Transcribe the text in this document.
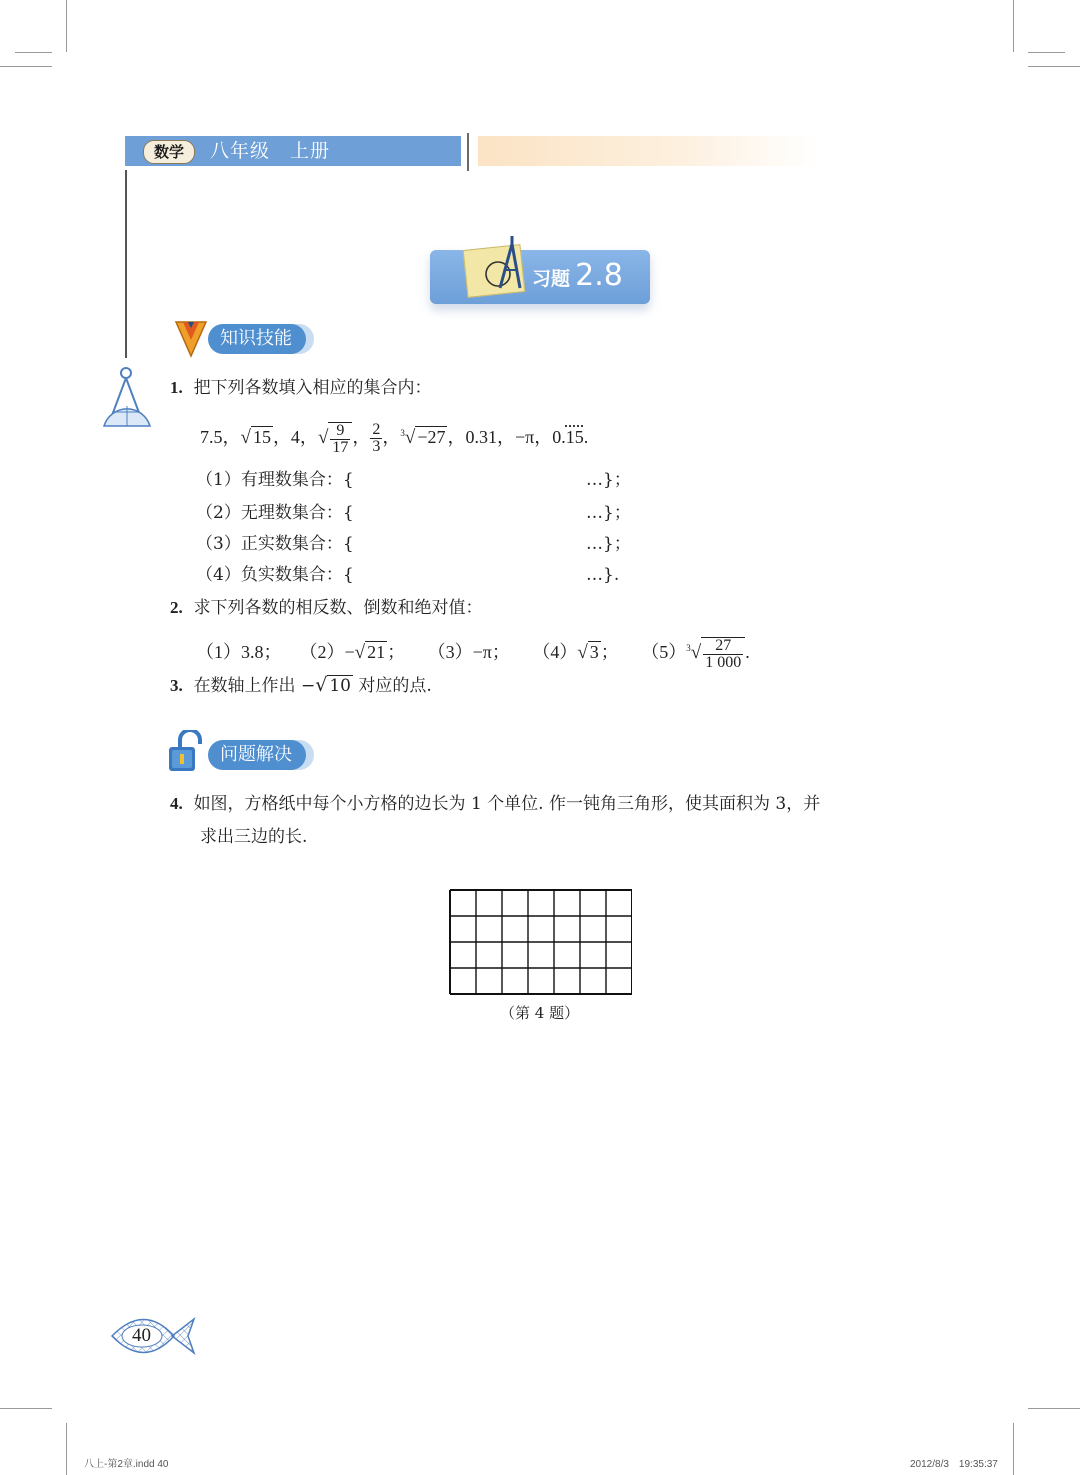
数学	八年级　上册
习题 2.8
知识技能
1. 把下列各数填入相应的集合内：
7.5，√ 15 ，4，√ $\frac{9}{17}$ ， $\frac{2}{3}$ ，$^3$√ −27 ，0.31，−π，0.15.
（1）有理数集合：{	…}；
（2）无理数集合：{	…}；
（3）正实数集合：{	…}；
（4）负实数集合：{	…}.
2. 求下列各数的相反数、倒数和绝对值：
（1）3.8； （2）−√ 21 ； （3）−π； （4）√ 3 ； $(5)^3√ \frac{27}{1 000}$ .
3. 在数轴上作出 −√ 10 对应的点.
问题解决
4. 如图，方格纸中每个小方格的边长为 1 个单位. 作一钝角三角形，使其面积为 3，并
求出三边的长.
（第 4 题）
40
八上-第2章.indd 40	2012/8/3　19:35:37
